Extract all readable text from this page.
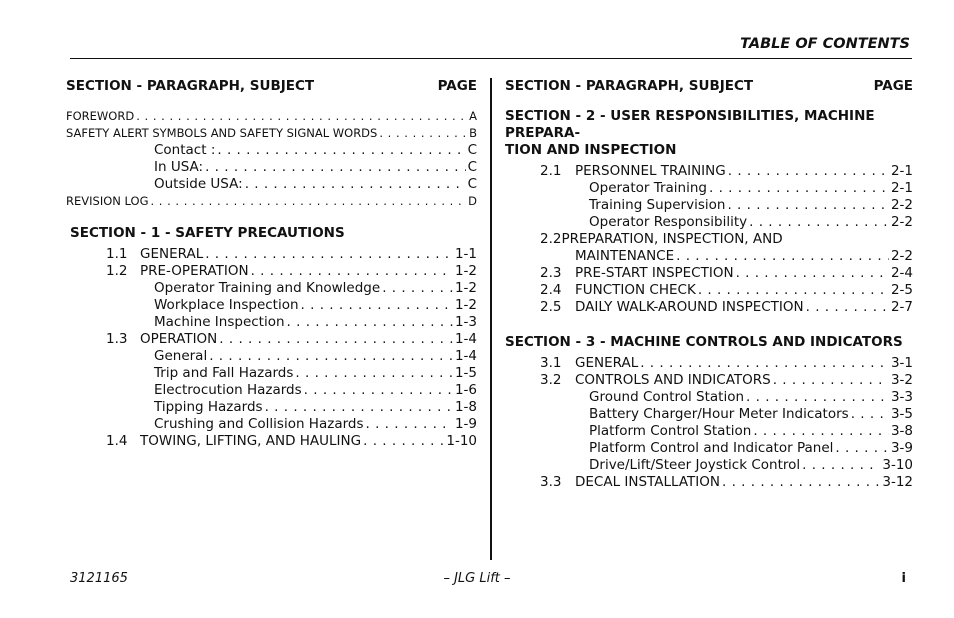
TABLE OF CONTENTS
SECTION - PARAGRAPH, SUBJECT	PAGE
FOREWORD . . .	A
SAFETY ALERT SYMBOLS AND SAFETY SIGNAL WORDS . . .	B
Contact : . . .	C
In USA: . . .	C
Outside USA: . . .	C
REVISION LOG . . .	D
SECTION - 1 - SAFETY PRECAUTIONS
1.1 GENERAL . . .	1-1
1.2 PRE-OPERATION . . .	1-2
Operator Training and Knowledge . . .	1-2
Workplace Inspection . . .	1-2
Machine Inspection . . .	1-3
1.3 OPERATION . . .	1-4
General . . .	1-4
Trip and Fall Hazards . . .	1-5
Electrocution Hazards . . .	1-6
Tipping Hazards . . .	1-8
Crushing and Collision Hazards . . .	1-9
1.4 TOWING, LIFTING, AND HAULING . . .	1-10
SECTION - PARAGRAPH, SUBJECT	PAGE
SECTION - 2 - USER RESPONSIBILITIES, MACHINE PREPARA-
TION AND INSPECTION
2.1	PERSONNEL TRAINING . . .	2-1
Operator Training . . .	2-1
Training Supervision . . .	2-2
Operator Responsibility . . .	2-2
2.2PREPARATION, INSPECTION, AND
MAINTENANCE . . .	2-2
2.3	PRE-START INSPECTION . . .	2-4
2.4	FUNCTION CHECK . . .	2-5
2.5	DAILY WALK-AROUND INSPECTION . . .	2-7
SECTION - 3 - MACHINE CONTROLS AND INDICATORS
3.1	GENERAL . . .	3-1
3.2	CONTROLS AND INDICATORS . . .	3-2
Ground Control Station . . .	3-3
Battery Charger/Hour Meter Indicators . . .	3-5
Platform Control Station . . .	3-8
Platform Control and Indicator Panel . . .	3-9
Drive/Lift/Steer Joystick Control . . .	3-10
3.3	DECAL INSTALLATION . . .	3-12
3121165	– JLG Lift –	i
